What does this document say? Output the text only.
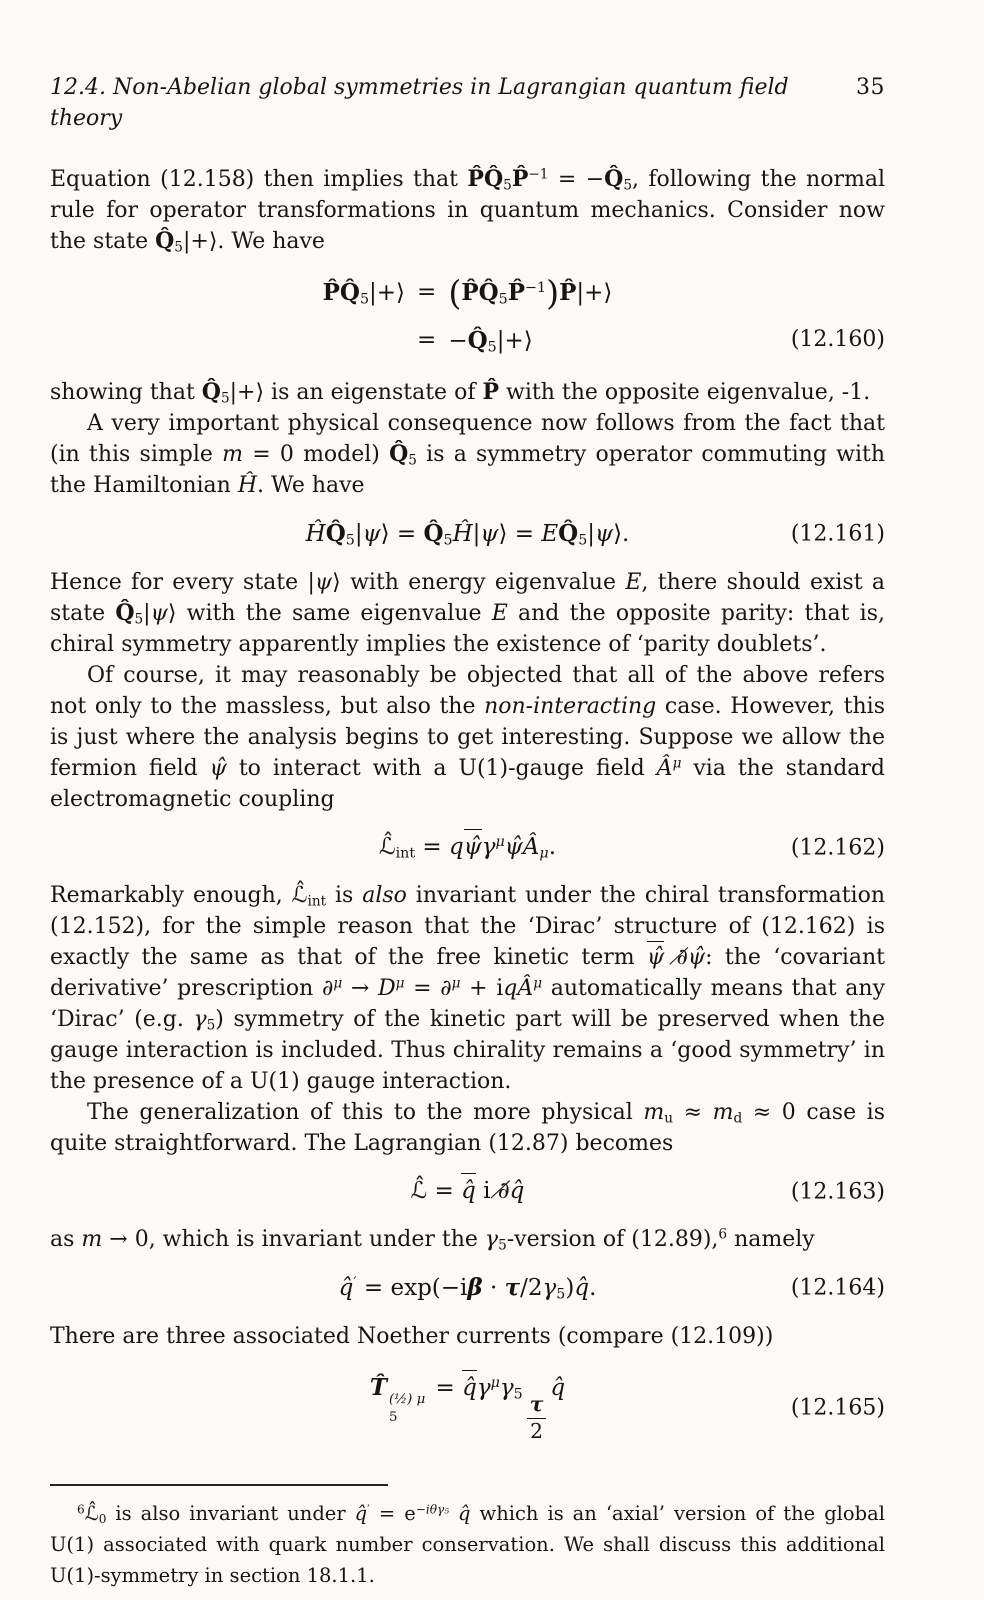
12.4. Non-Abelian global symmetries in Lagrangian quantum field theory
35

Equation (12.158) then implies that $P̂Q̂_5P̂^{-1}$ = $-Q̂_5$, following the normal rule for operator transformations in quantum mechanics. Consider now the state $Q̂_5|+⟩$. We have

$P̂Q̂_5|+⟩$ = $(P̂Q̂_5P̂^{-1})P̂|+⟩$
= $-Q̂_5|+⟩$	(12.160)

showing that $Q̂_5|+⟩$ is an eigenstate of P̂ with the opposite eigenvalue, -1.

A very important physical consequence now follows from the fact that (in this simple m = 0 model) $Q̂_5$ is a symmetry operator commuting with the Hamiltonian Ĥ. We have

$ĤQ̂_5|\psi⟩$ = $Q̂_5Ĥ|\psi⟩$ = $EQ̂_5|\psi⟩$.	(12.161)

Hence for every state |ψ⟩ with energy eigenvalue E, there should exist a state $Q̂_5|\psi⟩$ with the same eigenvalue E and the opposite parity: that is, chiral symmetry apparently implies the existence of ‘parity doublets’.

Of course, it may reasonably be objected that all of the above refers not only to the massless, but also the non-interacting case. However, this is just where the analysis begins to get interesting. Suppose we allow the fermion field ψ̂ to interact with a U(1)-gauge field $Â^\mu$ via the standard electromagnetic coupling

$ℒ̂_{int}$ = $q\psî\gamma^\mu\psîÂ_\mu$.	(12.162)

Remarkably enough, $ℒ̂_{int}$ is also invariant under the chiral transformation (12.152), for the simple reason that the ‘Dirac’ structure of (12.162) is exactly the same as that of the free kinetic term ψ̂ ∂̸ψ̂: the ‘covariant derivative’ prescription $\partial^\mu \to D^\mu = \partial^\mu$ + iqÂ$^\mu$ automatically means that any ‘Dirac’ (e.g. $\gamma_5$) symmetry of the kinetic part will be preserved when the gauge interaction is included. Thus chirality remains a ‘good symmetry’ in the presence of a U(1) gauge interaction.

The generalization of this to the more physical $m_u \approx m_d \approx 0$ case is quite straightforward. The Lagrangian (12.87) becomes

ℒ̂ = q̂ i ∂̸q̂	(12.163)

as m → 0, which is invariant under the $\gamma_5$-version of (12.89),$^6$ namely

q̂′ = $\exp(-i\beta \cdot \tau/2\gamma_5)q̂$.	(12.164)

There are three associated Noether currents (compare (12.109))

T̂ (½) μ
5
= $q̂\gamma^\mu\gamma_5 \frac{\tau}{2}$
q̂
(12.165)

$^6ℒ̂_0$ is also invariant under q̂′ = $e^{-i\theta\gamma_5}$ q̂ which is an ‘axial’ version of the global U(1) associated with quark number conservation. We shall discuss this additional U(1)-symmetry in section 18.1.1.
